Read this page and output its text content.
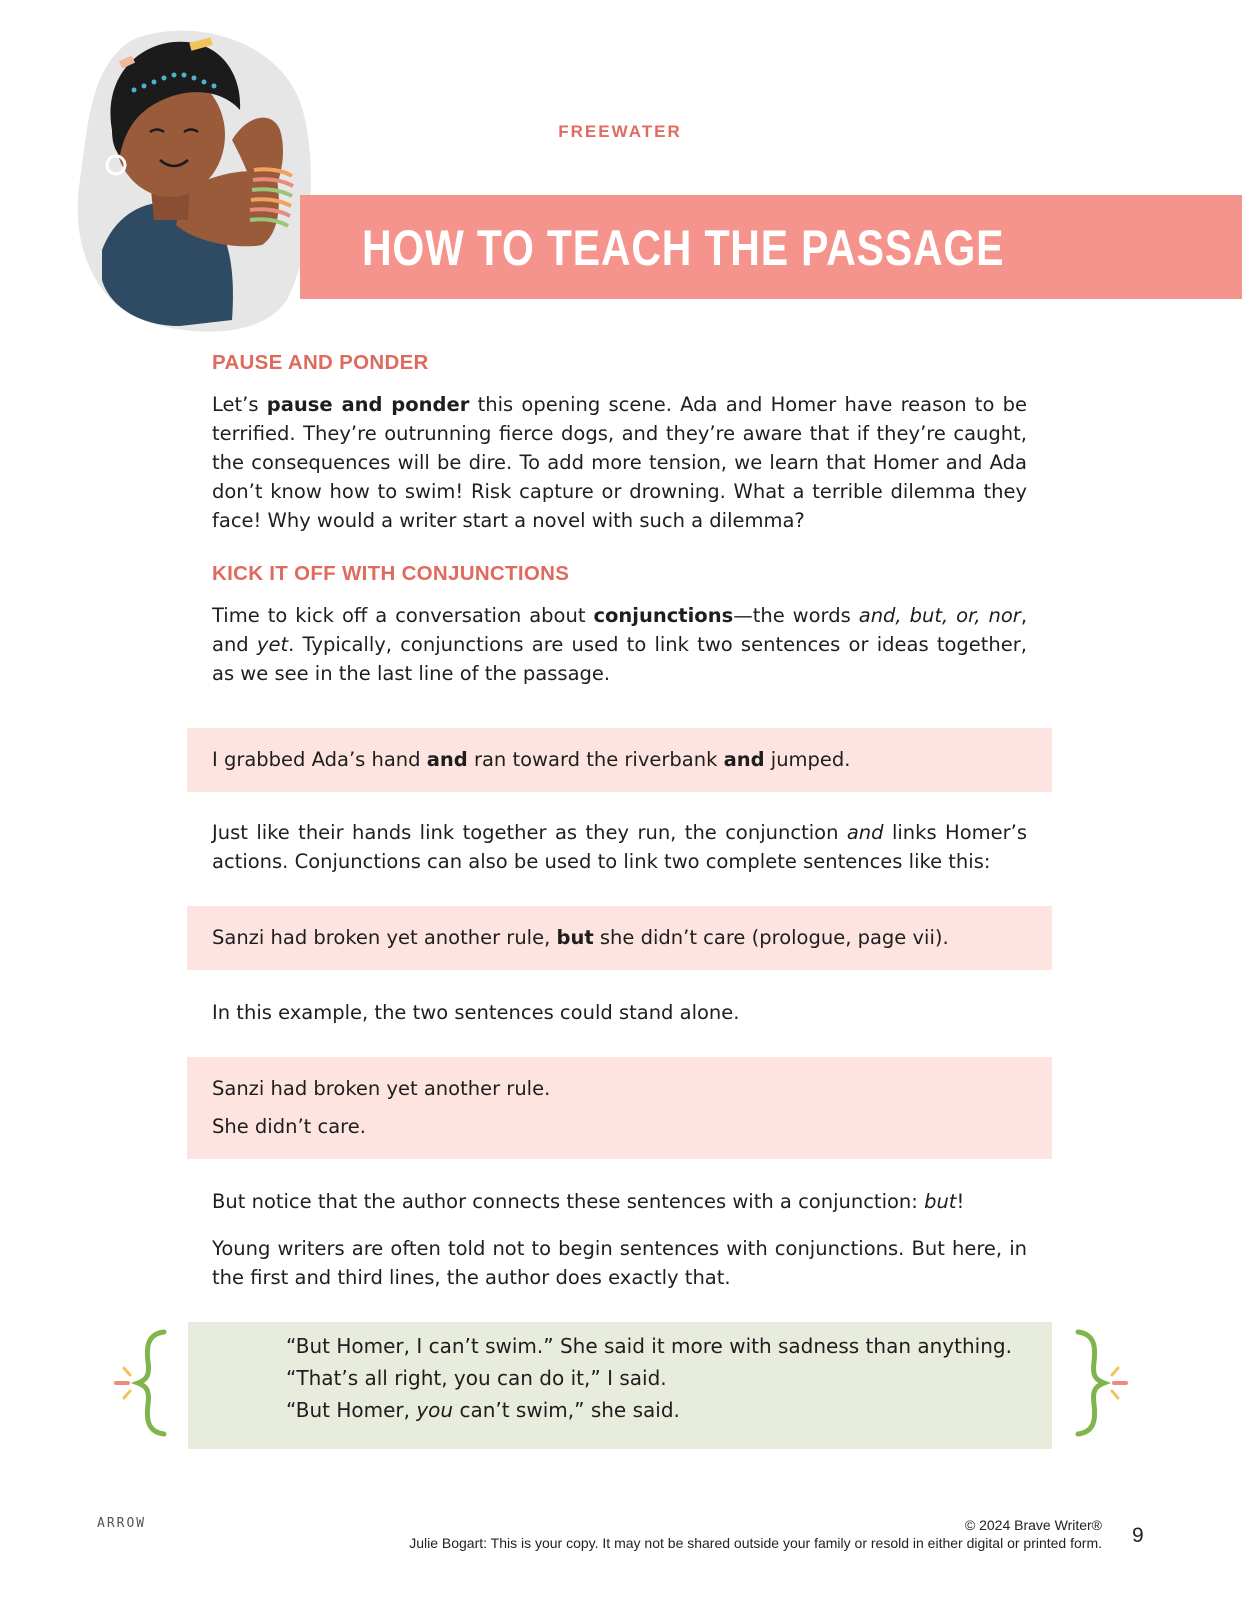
FREEWATER
HOW TO TEACH THE PASSAGE
PAUSE AND PONDER
Let’s pause and ponder this opening scene. Ada and Homer have reason to be terrified. They’re outrunning fierce dogs, and they’re aware that if they’re caught, the consequences will be dire. To add more tension, we learn that Homer and Ada don’t know how to swim! Risk capture or drowning. What a terrible dilemma they face! Why would a writer start a novel with such a dilemma?
KICK IT OFF WITH CONJUNCTIONS
Time to kick off a conversation about conjunctions—the words and, but, or, nor, and yet. Typically, conjunctions are used to link two sentences or ideas together, as we see in the last line of the passage.
I grabbed Ada’s hand and ran toward the riverbank and jumped.
Just like their hands link together as they run, the conjunction and links Homer’s actions. Conjunctions can also be used to link two complete sentences like this:
Sanzi had broken yet another rule, but she didn’t care (prologue, page vii).
In this example, the two sentences could stand alone.
Sanzi had broken yet another rule.
She didn’t care.
But notice that the author connects these sentences with a conjunction: but!
Young writers are often told not to begin sentences with conjunctions. But here, in the first and third lines, the author does exactly that.
“But Homer, I can’t swim.” She said it more with sadness than anything.
“That’s all right, you can do it,” I said.
“But Homer, you can’t swim,” she said.
ARROW	© 2024 Brave Writer®
Julie Bogart: This is your copy. It may not be shared outside your family or resold in either digital or printed form. 9
